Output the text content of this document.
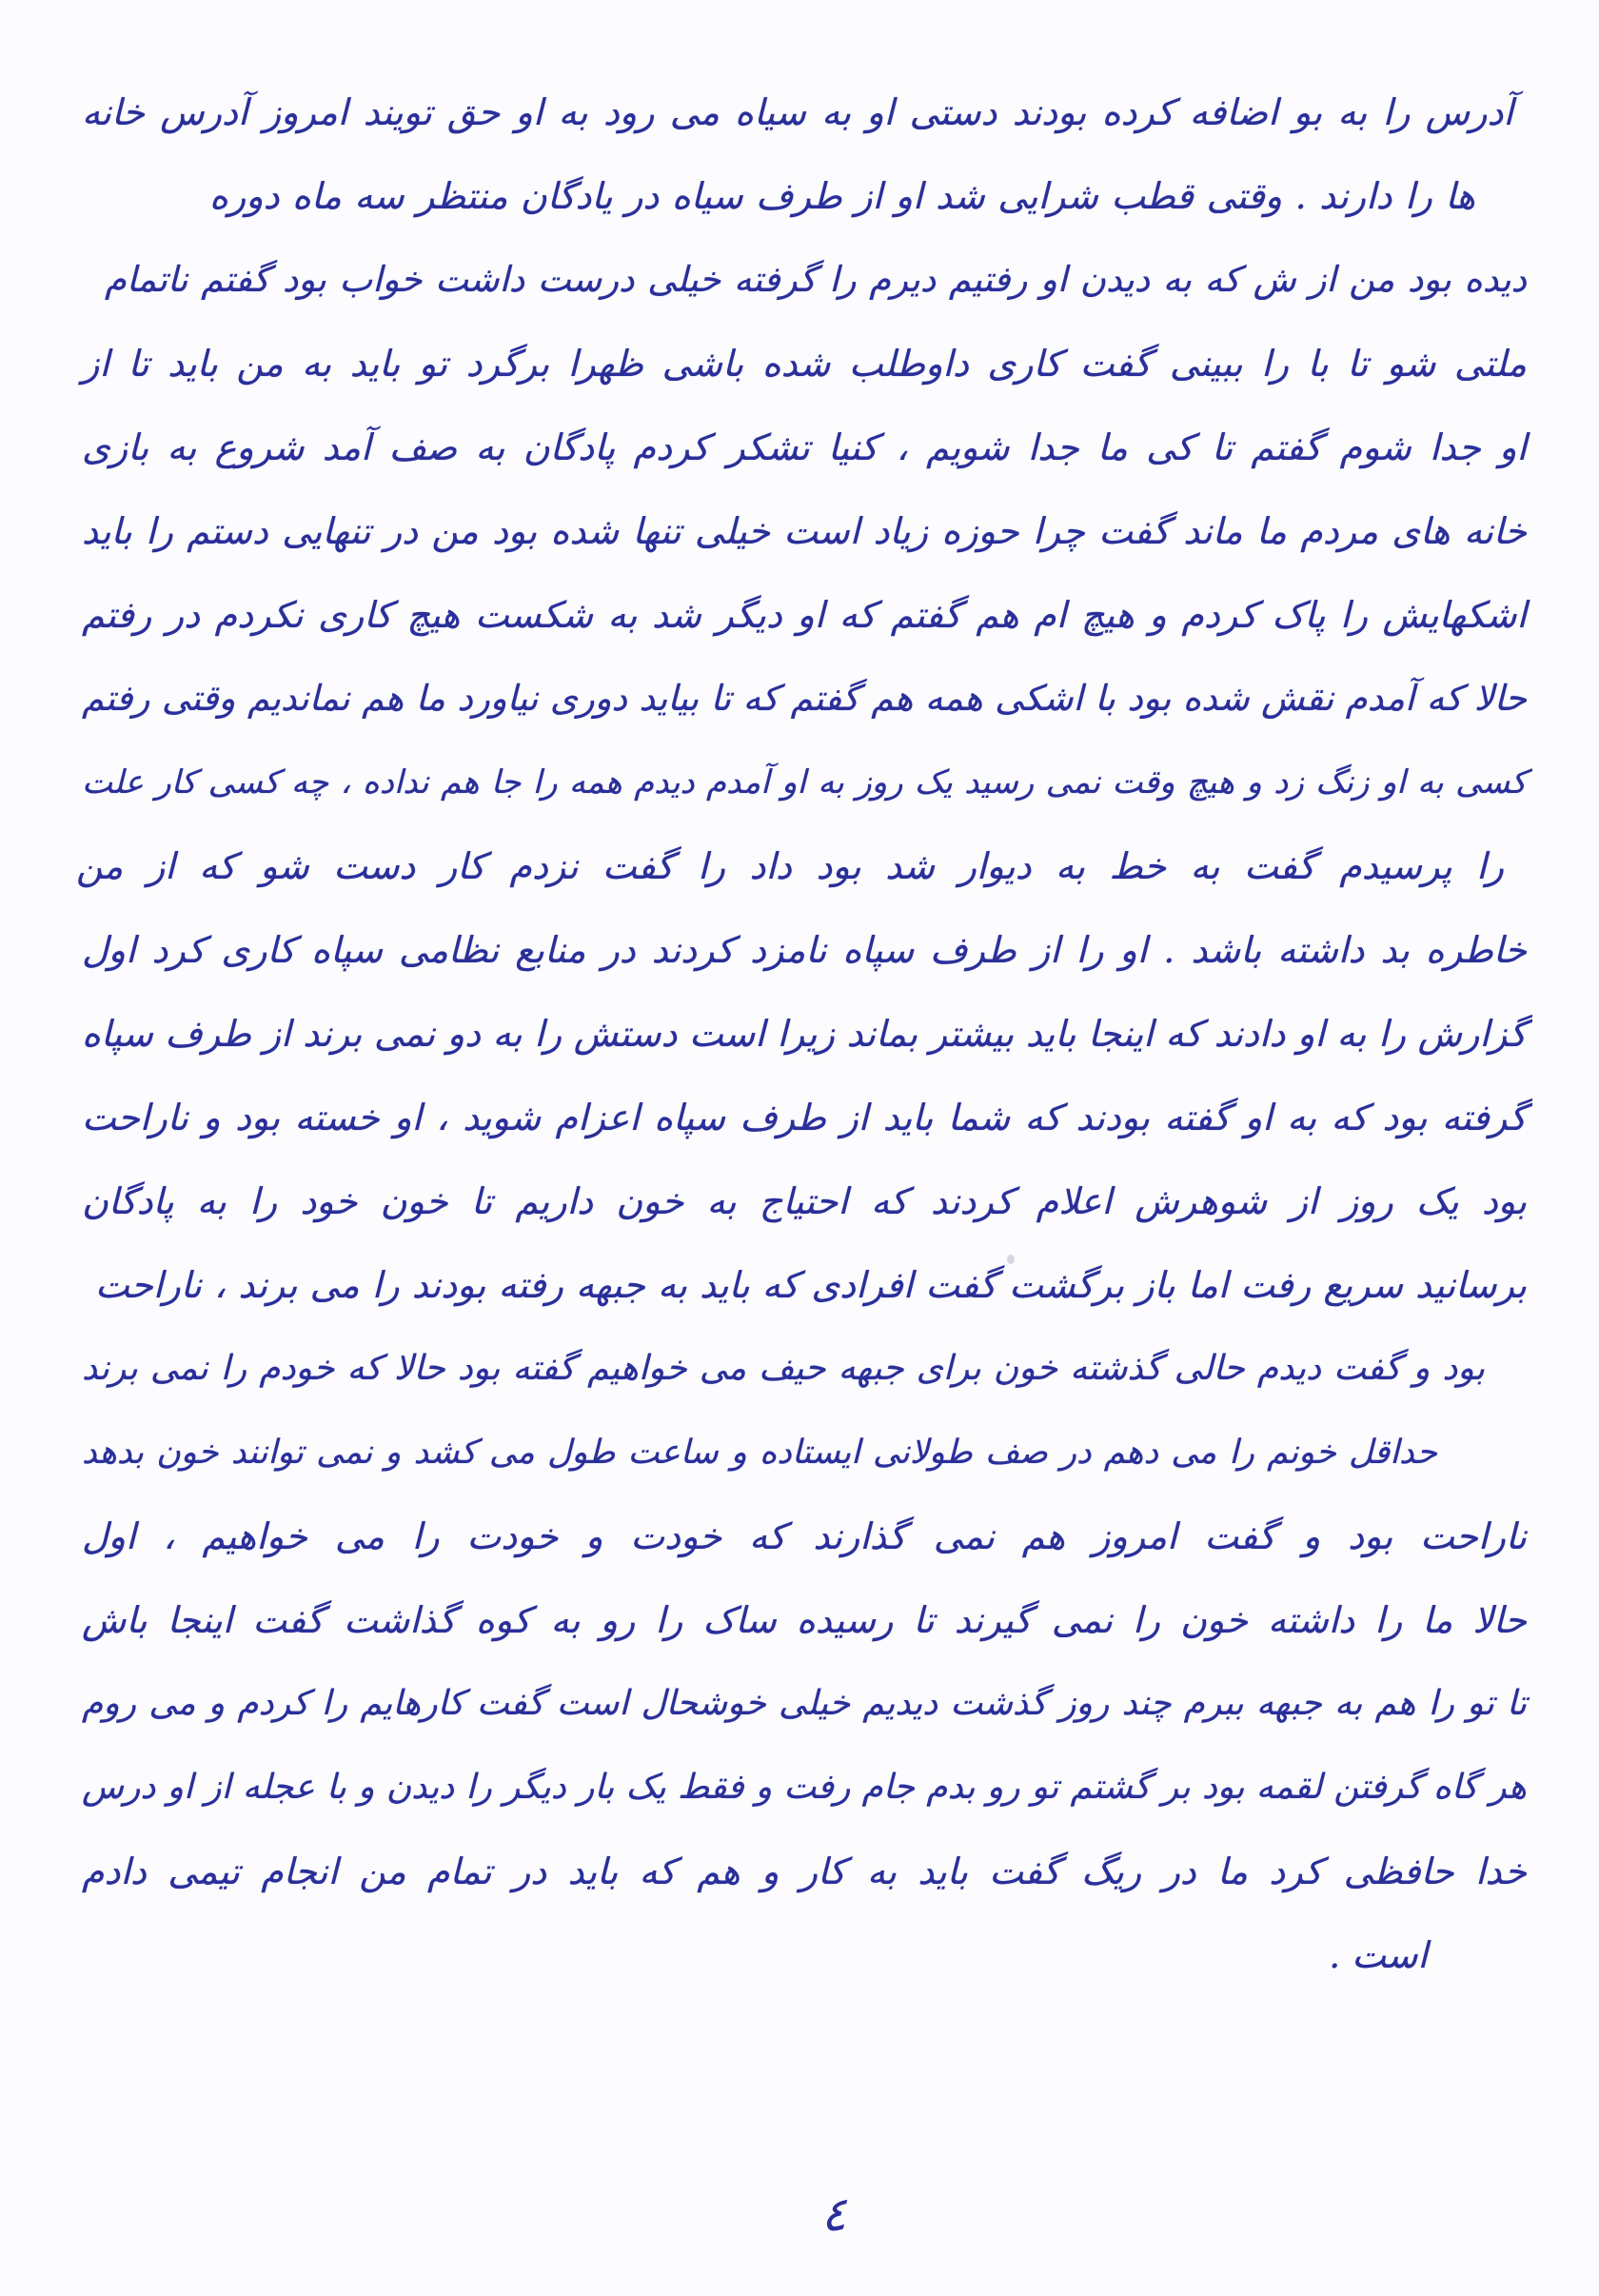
آدرس را به بو اضافه کرده بودند دستی او به سیاه می رود به او حق تویند امروز آدرس خانه
ها را دارند . وقتی قطب شرایی شد او از طرف سیاه در یادگان منتظر سه ماه دوره
دیده بود من از ش که به دیدن او رفتیم دیرم را گرفته خیلی درست داشت خواب بود گفتم ناتمام
ملتی شو تا با را ببینی گفت کاری داوطلب شده باشی ظهرا برگرد تو باید به من باید تا از
او جدا شوم گفتم تا کی ما جدا شویم ، کنیا تشکر کردم پادگان به صف آمد شروع به بازی
خانه های مردم ما ماند گفت چرا حوزه زیاد است خیلی تنها شده بود من در تنهایی دستم را باید
اشکهایش را پاک کردم و هیچ ام هم گفتم که او دیگر شد به شکست هیچ کاری نکردم در رفتم
حالا که آمدم نقش شده بود با اشکی همه هم گفتم که تا بیاید دوری نیاورد ما هم نماندیم وقتی رفتم
کسی به او زنگ زد و هیچ وقت نمی رسید یک روز به او آمدم دیدم همه را جا هم نداده ، چه کسی کار علت
را پرسیدم گفت به خط به دیوار شد بود داد را گفت نزدم کار دست شو که از من
خاطره بد داشته باشد . او را از طرف سپاه نامزد کردند در منابع نظامی سپاه کاری کرد اول
گزارش را به او دادند که اینجا باید بیشتر بماند زیرا است دستش را به دو نمی برند از طرف سپاه
گرفته بود که به او گفته بودند که شما باید از طرف سپاه اعزام شوید ، او خسته بود و ناراحت
بود یک روز از شوهرش اعلام کردند که احتیاج به خون داریم تا خون خود را به پادگان
برسانید سریع رفت اما باز برگشت گفت افرادی که باید به جبهه رفته بودند را می برند ، ناراحت
بود و گفت دیدم حالی گذشته خون برای جبهه حیف می خواهیم گفته بود حالا که خودم را نمی برند
حداقل خونم را می دهم در صف طولانی ایستاده و ساعت طول می کشد و نمی توانند خون بدهد
ناراحت بود و گفت امروز هم نمی گذارند که خودت و خودت را می خواهیم ، اول
حالا ما را داشته خون را نمی گیرند تا رسیده ساک را رو به کوه گذاشت گفت اینجا باش
تا تو را هم به جبهه ببرم چند روز گذشت دیدیم خیلی خوشحال است گفت کارهایم را کردم و می روم
هر گاه گرفتن لقمه بود بر گشتم تو رو بدم جام رفت و فقط یک بار دیگر را دیدن و با عجله از او درس
خدا حافظی کرد ما در ریگ گفت باید به کار و هم که باید در تمام من انجام تیمی دادم
است .
٤
